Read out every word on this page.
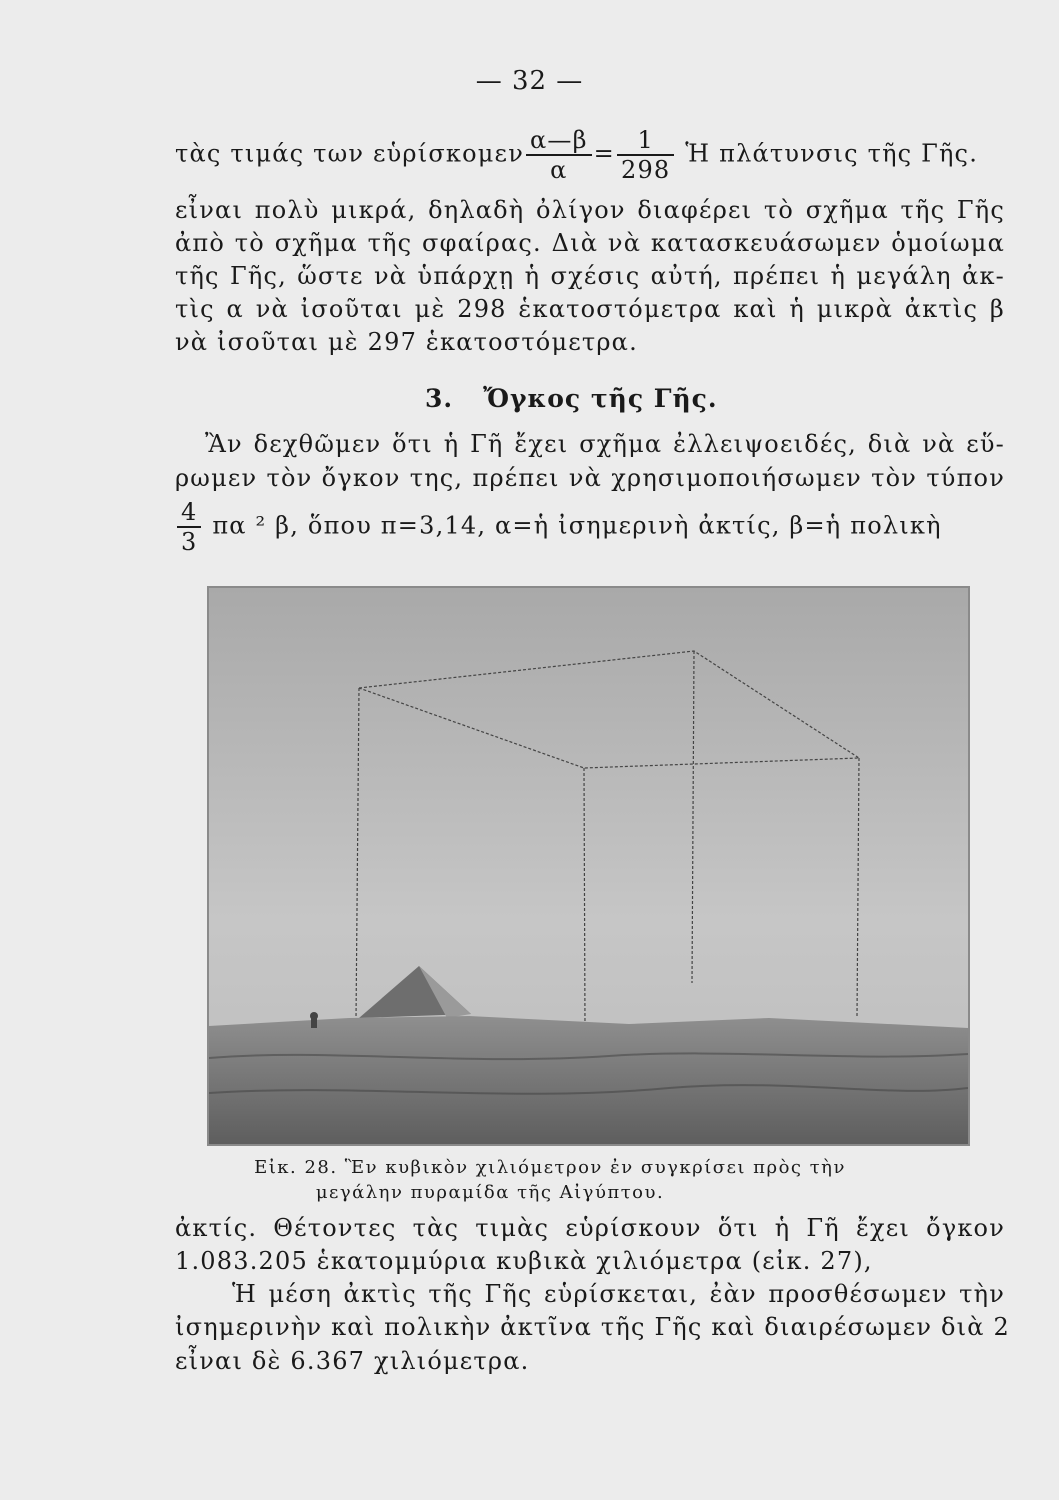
— 32 —
τὰς τιμάς των εὑρίσκομεν $\frac{\alpha—\beta}{\alpha} = \frac{1}{298}$ Ἡ πλάτυνσις τῆς Γῆς.
εἶναι πολὺ μικρά, δηλαδὴ ὀλίγον διαφέρει τὸ σχῆμα τῆς Γῆς
ἀπὸ τὸ σχῆμα τῆς σφαίρας. Διὰ νὰ κατασκευάσωμεν ὁμοίωμα
τῆς Γῆς, ὥστε νὰ ὑπάρχῃ ἡ σχέσις αὐτή, πρέπει ἡ μεγάλη ἀκ-
τὶς α νὰ ἰσοῦται μὲ 298 ἑκατοστόμετρα καὶ ἡ μικρὰ ἀκτὶς β
νὰ ἰσοῦται μὲ 297 ἑκατοστόμετρα.
3. Ὄγκος τῆς Γῆς.
Ἂν δεχθῶμεν ὅτι ἡ Γῆ ἔχει σχῆμα ἐλλειψοειδές, διὰ νὰ εὕ-
ρωμεν τὸν ὄγκον της, πρέπει νὰ χρησιμοποιήσωμεν τὸν τύπον
$\frac{4}{3}$ πα ² β, ὅπου π=3,14, α=ἡ ἰσημερινὴ ἀκτίς, β=ἡ πολικὴ
Εἰκ. 28. Ἓν κυβικὸν χιλιόμετρον ἐν συγκρίσει πρὸς τὴν
μεγάλην πυραμίδα τῆς Αἰγύπτου.
ἀκτίς. Θέτοντες τὰς τιμὰς εὑρίσκουν ὅτι ἡ Γῆ ἔχει ὄγκον
1.083.205 ἑκατομμύρια κυβικὰ χιλιόμετρα (εἰκ. 27),
Ἡ μέση ἀκτὶς τῆς Γῆς εὑρίσκεται, ἐὰν προσθέσωμεν τὴν
ἰσημερινὴν καὶ πολικὴν ἀκτῖνα τῆς Γῆς καὶ διαιρέσωμεν διὰ 2
εἶναι δὲ 6.367 χιλιόμετρα.
